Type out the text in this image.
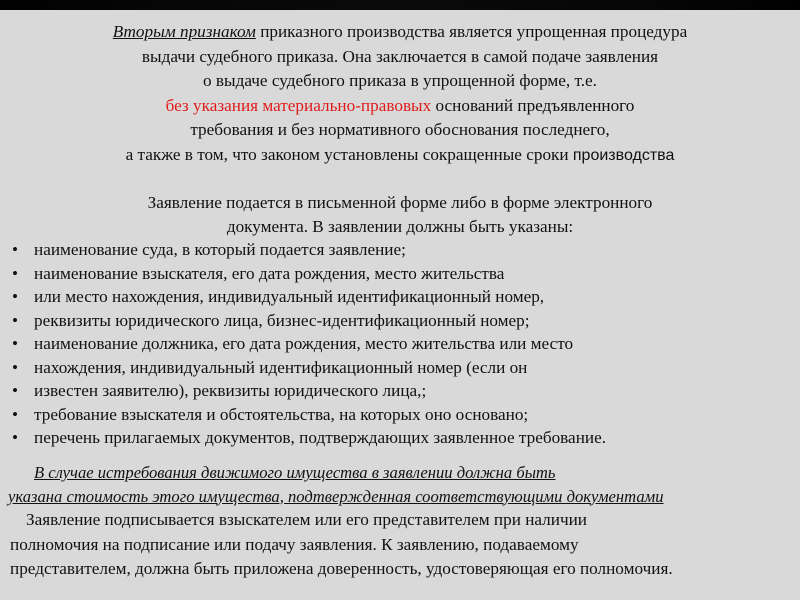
Вторым признаком приказного производства является упрощенная процедура
выдачи судебного приказа. Она заключается в самой подаче заявления
о выдаче судебного приказа в упрощенной форме, т.е.
без указания материально-правовых оснований предъявленного
требования и без нормативного обоснования последнего,
а также в том, что законом установлены сокращенные сроки производства
Заявление подается в письменной форме либо в форме электронного
документа. В заявлении должны быть указаны:
• наименование суда, в который подается заявление;
• наименование взыскателя, его дата рождения, место жительства
• или место нахождения, индивидуальный идентификационный номер,
• реквизиты юридического лица, бизнес-идентификационный номер;
• наименование должника, его дата рождения, место жительства или место
• нахождения, индивидуальный идентификационный номер (если он
• известен заявителю), реквизиты юридического лица,;
• требование взыскателя и обстоятельства, на которых оно основано;
• перечень прилагаемых документов, подтверждающих заявленное требование.
В случае истребования движимого имущества в заявлении должна быть
указана стоимость этого имущества, подтвержденная соответствующими документами
Заявление подписывается взыскателем или его представителем при наличии
полномочия на подписание или подачу заявления. К заявлению, подаваемому
представителем, должна быть приложена доверенность, удостоверяющая его полномочия.
